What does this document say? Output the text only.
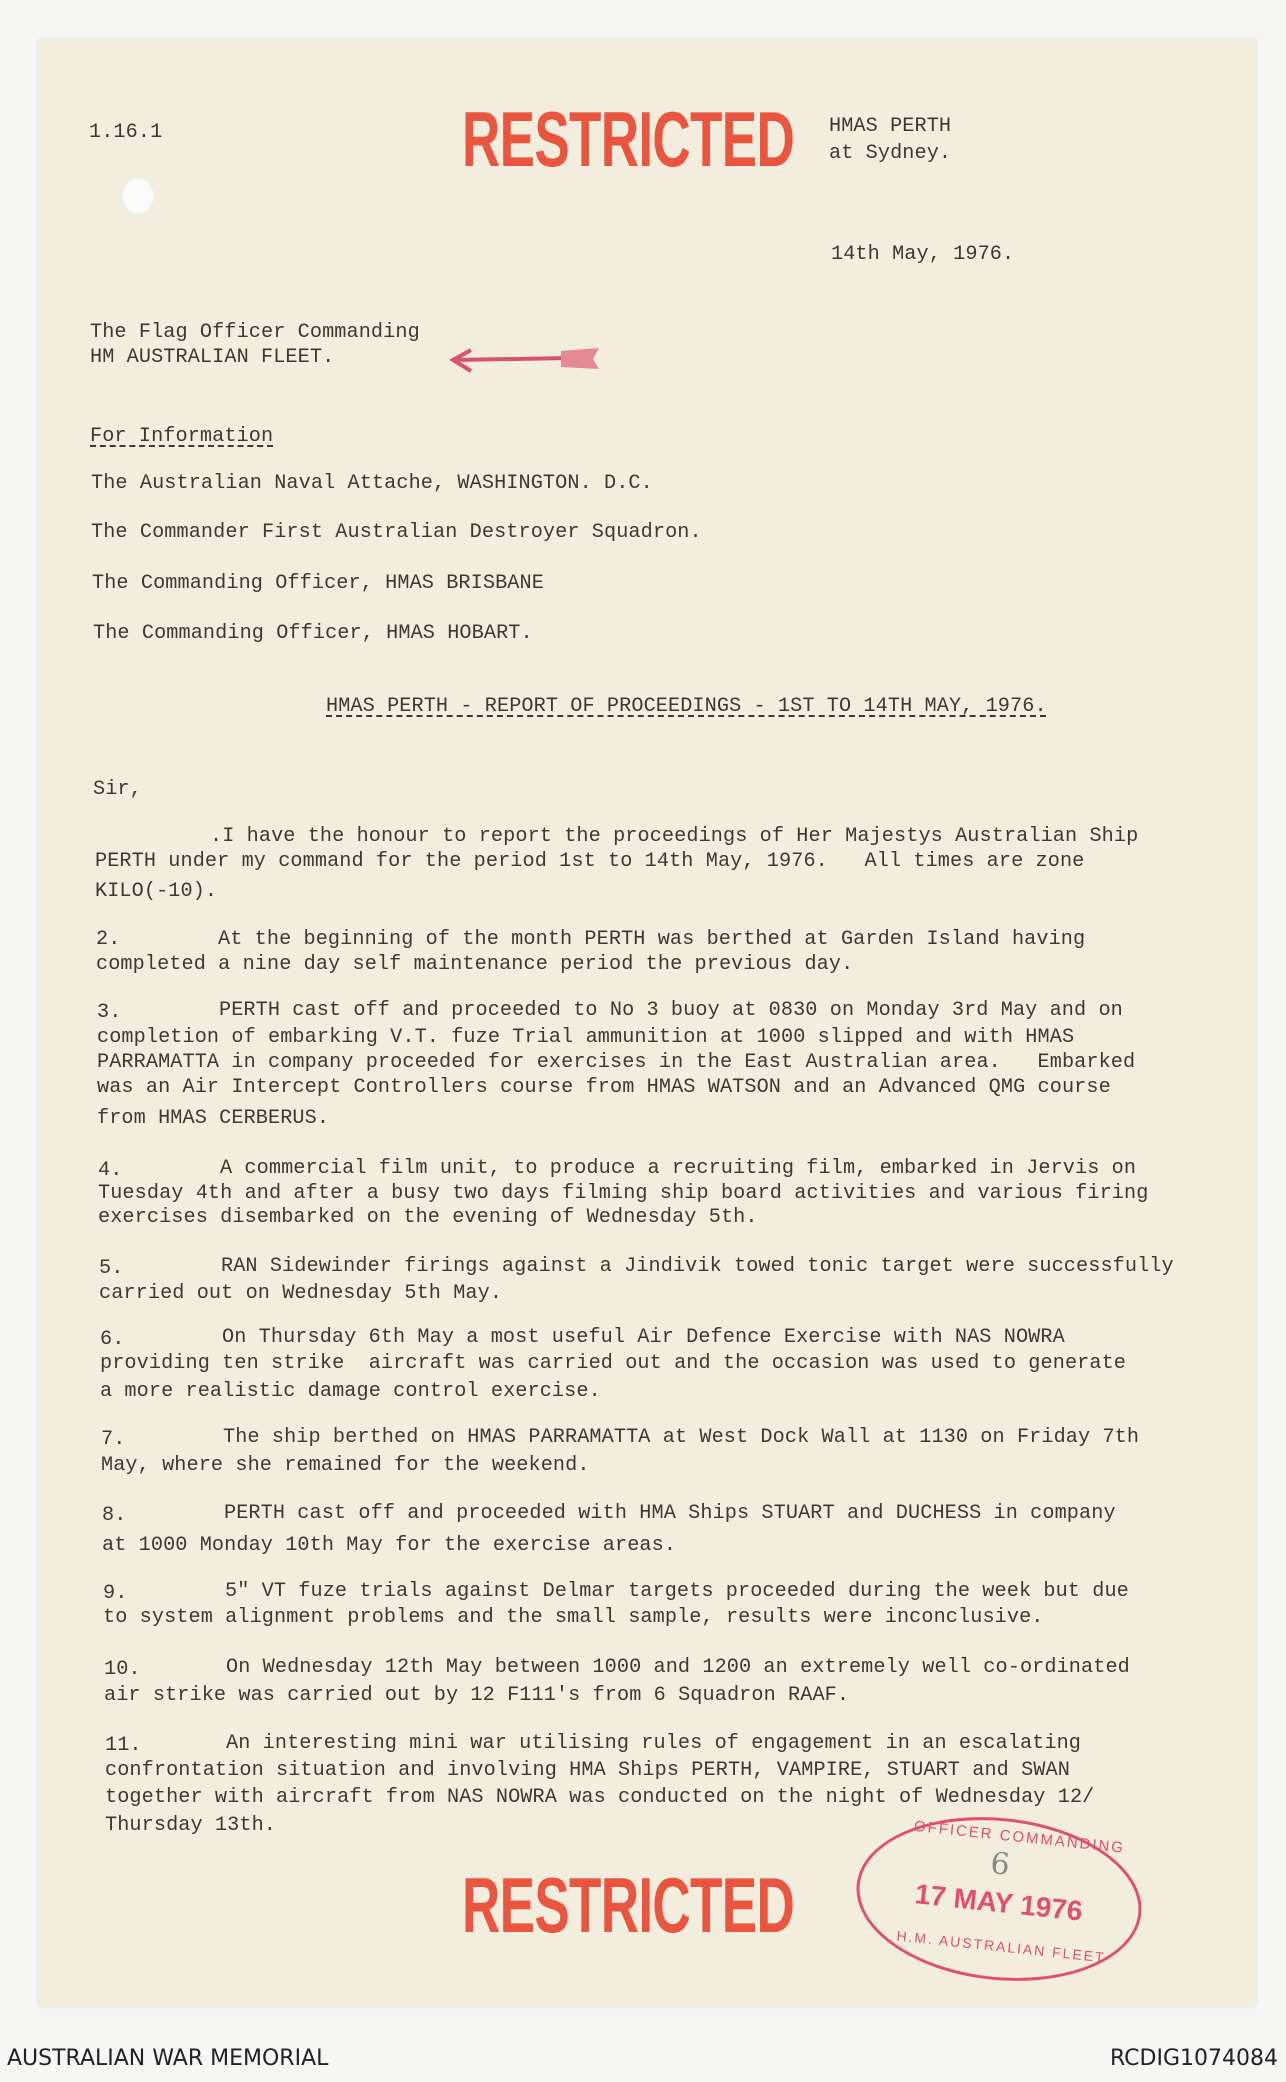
1.16.1	RESTRICTED HMAS PERTH
at Sydney.
14th May, 1976.
The Flag Officer Commanding
HM AUSTRALIAN FLEET.
For Information
The Australian Naval Attache, WASHINGTON. D.C.
The Commander First Australian Destroyer Squadron.
The Commanding Officer, HMAS BRISBANE
The Commanding Officer, HMAS HOBART.
HMAS PERTH - REPORT OF PROCEEDINGS - 1ST TO 14TH MAY, 1976.
Sir,
.I have the honour to report the proceedings of Her Majestys Australian Ship
PERTH under my command for the period 1st to 14th May, 1976.   All times are zone
KILO(-10).
2.	At the beginning of the month PERTH was berthed at Garden Island having
completed a nine day self maintenance period the previous day.
3.	PERTH cast off and proceeded to No 3 buoy at 0830 on Monday 3rd May and on
completion of embarking V.T. fuze Trial ammunition at 1000 slipped and with HMAS
PARRAMATTA in company proceeded for exercises in the East Australian area.   Embarked
was an Air Intercept Controllers course from HMAS WATSON and an Advanced QMG course
from HMAS CERBERUS.
4.	A commercial film unit, to produce a recruiting film, embarked in Jervis on
Tuesday 4th and after a busy two days filming ship board activities and various firing
exercises disembarked on the evening of Wednesday 5th.
5.	RAN Sidewinder firings against a Jindivik towed tonic target were successfully
carried out on Wednesday 5th May.
6.	On Thursday 6th May a most useful Air Defence Exercise with NAS NOWRA
providing ten strike  aircraft was carried out and the occasion was used to generate
a more realistic damage control exercise.
7.	The ship berthed on HMAS PARRAMATTA at West Dock Wall at 1130 on Friday 7th
May, where she remained for the weekend.
8.	PERTH cast off and proceeded with HMA Ships STUART and DUCHESS in company
at 1000 Monday 10th May for the exercise areas.
9.	5" VT fuze trials against Delmar targets proceeded during the week but due
to system alignment problems and the small sample, results were inconclusive.
10.	On Wednesday 12th May between 1000 and 1200 an extremely well co-ordinated
air strike was carried out by 12 F111's from 6 Squadron RAAF.
11.	An interesting mini war utilising rules of engagement in an escalating
confrontation situation and involving HMA Ships PERTH, VAMPIRE, STUART and SWAN
together with aircraft from NAS NOWRA was conducted on the night of Wednesday 12/
Thursday 13th.
RESTRICTED
OFFICER COMMANDING
6
17 MAY 1976
H.M. AUSTRALIAN FLEET
AUSTRALIAN WAR MEMORIAL	RCDIG1074084
